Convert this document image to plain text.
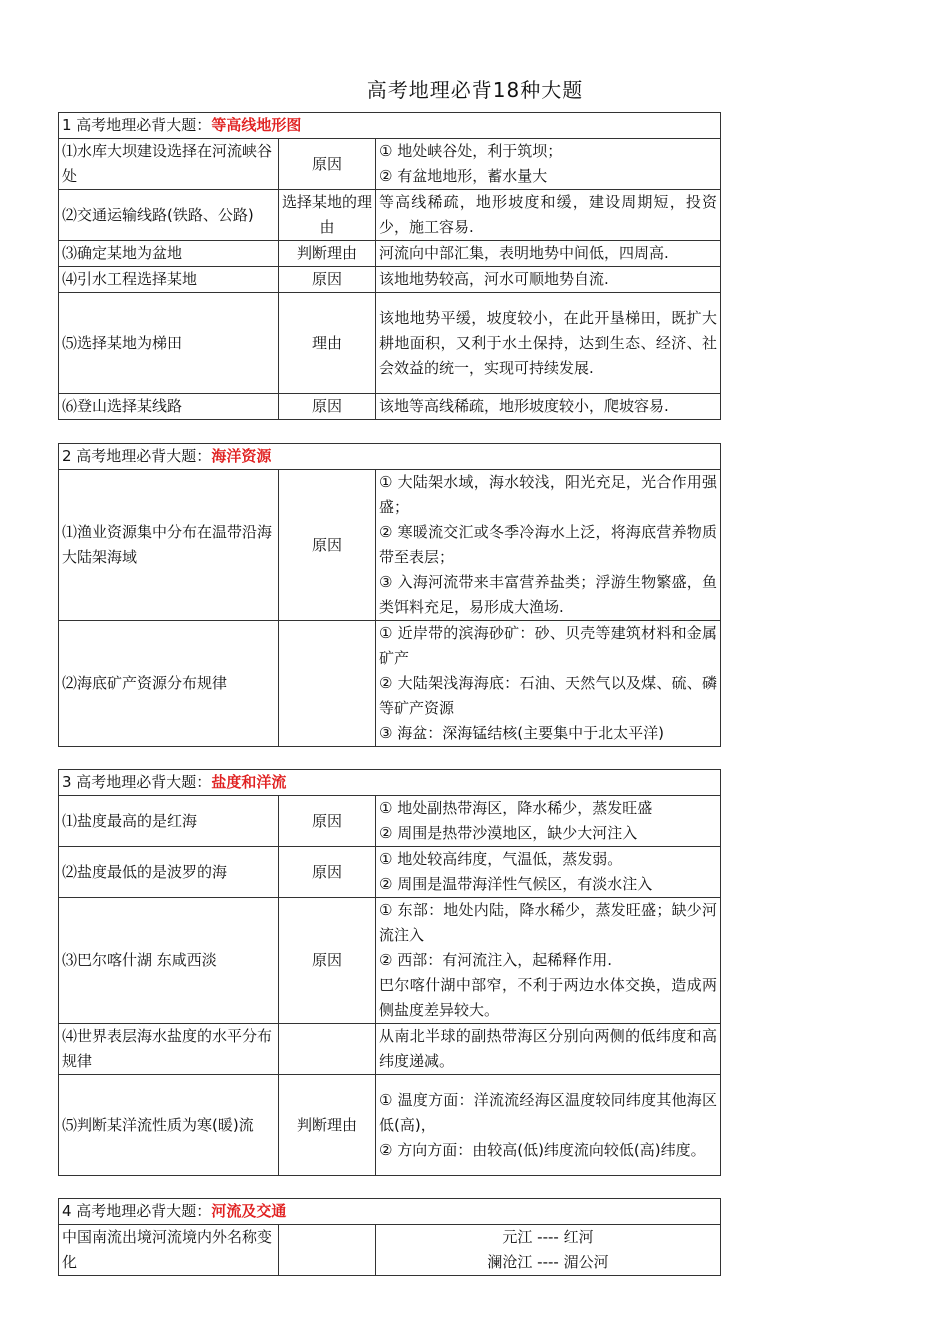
高考地理必背18种大题
1 高考地理必背大题：等高线地形图		
⑴水库大坝建设选择在河流峡谷处	原因	① 地处峡谷处，利于筑坝；
② 有盆地地形，蓄水量大

⑵交通运输线路(铁路、公路)	选择某地的理由	等高线稀疏，地形坡度和缓，建设周期短，投资少，施工容易.

⑶确定某地为盆地	判断理由	河流向中部汇集，表明地势中间低，四周高.

⑷引水工程选择某地	原因	该地地势较高，河水可顺地势自流.

⑸选择某地为梯田	理由	该地地势平缓，坡度较小，在此开垦梯田，既扩大耕地面积，又利于水土保持，达到生态、经济、社会效益的统一，实现可持续发展.

⑹登山选择某线路	原因	该地等高线稀疏，地形坡度较小，爬坡容易.
2 高考地理必背大题：海洋资源		
⑴渔业资源集中分布在温带沿海大陆架海域	原因	① 大陆架水域，海水较浅，阳光充足，光合作用强盛；
② 寒暖流交汇或冬季冷海水上泛，将海底营养物质带至表层；
③ 入海河流带来丰富营养盐类；浮游生物繁盛，鱼类饵料充足，易形成大渔场.

⑵海底矿产资源分布规律		① 近岸带的滨海砂矿：砂、贝壳等建筑材料和金属矿产
② 大陆架浅海海底：石油、天然气以及煤、硫、磷等矿产资源
③ 海盆：深海锰结核(主要集中于北太平洋)
3 高考地理必背大题：盐度和洋流		
⑴盐度最高的是红海	原因	① 地处副热带海区，降水稀少，蒸发旺盛
② 周围是热带沙漠地区，缺少大河注入

⑵盐度最低的是波罗的海	原因	① 地处较高纬度，气温低，蒸发弱。
② 周围是温带海洋性气候区，有淡水注入

⑶巴尔喀什湖 东咸西淡	原因	① 东部：地处内陆，降水稀少，蒸发旺盛；缺少河流注入
② 西部：有河流注入，起稀释作用.
巴尔喀什湖中部窄，不利于两边水体交换，造成两侧盐度差异较大。

⑷世界表层海水盐度的水平分布规律		从南北半球的副热带海区分别向两侧的低纬度和高纬度递减。

⑸判断某洋流性质为寒(暖)流	判断理由	① 温度方面：洋流流经海区温度较同纬度其他海区低(高)，
② 方向方面：由较高(低)纬度流向较低(高)纬度。
4 高考地理必背大题：河流及交通
中国南流出境河流境内外名称变化		
元江 ---- 红河
澜沧江 ---- 湄公河
